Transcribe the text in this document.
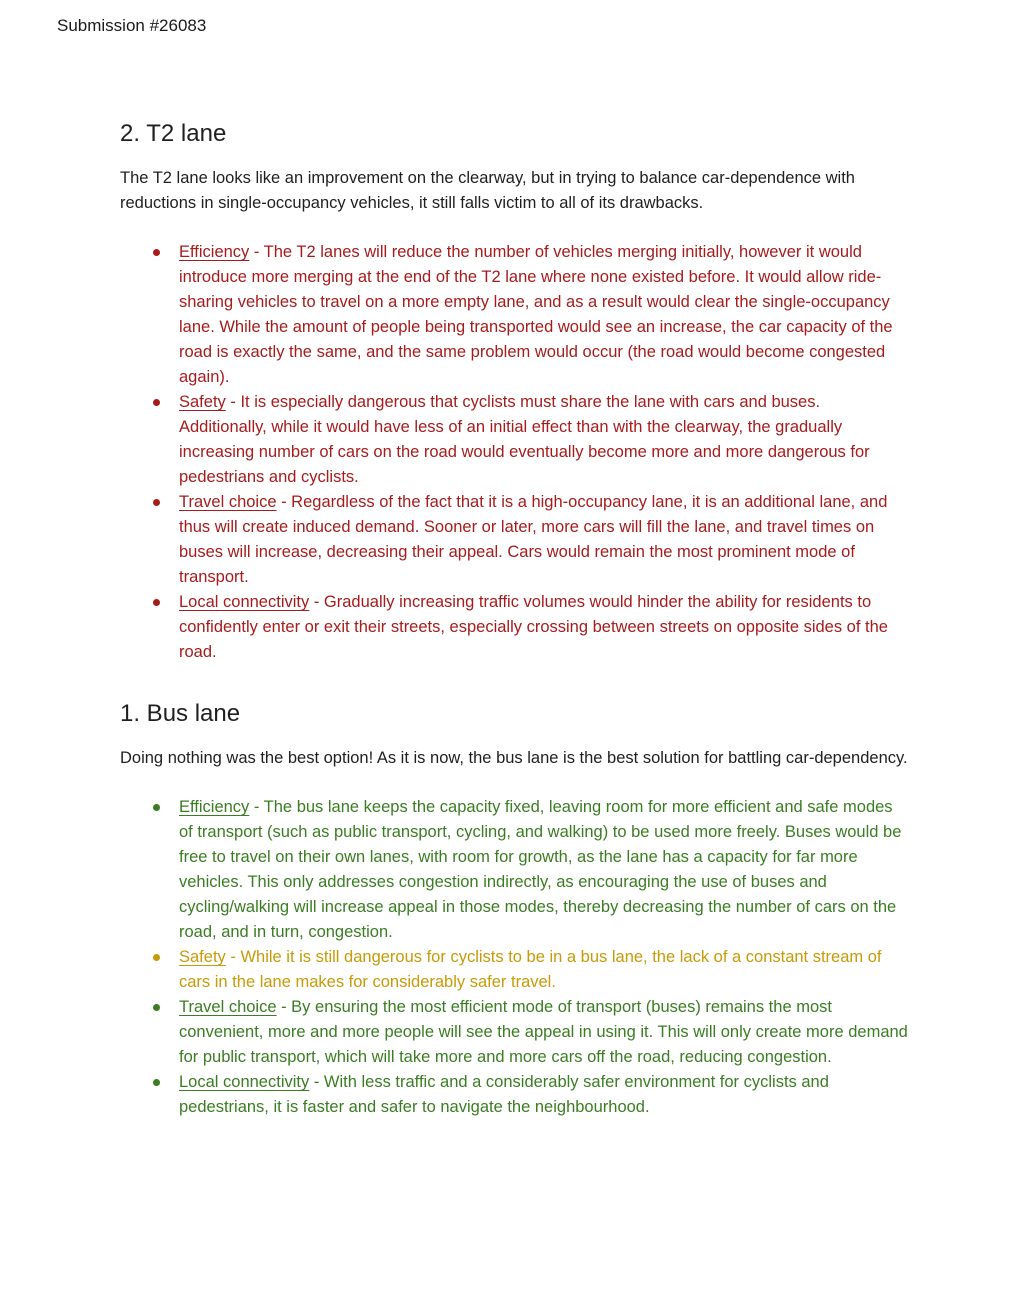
Submission #26083
2. T2 lane

The T2 lane looks like an improvement on the clearway, but in trying to balance car-dependence with reductions in single-occupancy vehicles, it still falls victim to all of its drawbacks.

Efficiency - The T2 lanes will reduce the number of vehicles merging initially, however it would introduce more merging at the end of the T2 lane where none existed before. It would allow ride-sharing vehicles to travel on a more empty lane, and as a result would clear the single-occupancy lane. While the amount of people being transported would see an increase, the car capacity of the road is exactly the same, and the same problem would occur (the road would become congested again).
Safety - It is especially dangerous that cyclists must share the lane with cars and buses. Additionally, while it would have less of an initial effect than with the clearway, the gradually increasing number of cars on the road would eventually become more and more dangerous for pedestrians and cyclists.
Travel choice - Regardless of the fact that it is a high-occupancy lane, it is an additional lane, and thus will create induced demand. Sooner or later, more cars will fill the lane, and travel times on buses will increase, decreasing their appeal. Cars would remain the most prominent mode of transport.
Local connectivity - Gradually increasing traffic volumes would hinder the ability for residents to confidently enter or exit their streets, especially crossing between streets on opposite sides of the road.
1. Bus lane

Doing nothing was the best option! As it is now, the bus lane is the best solution for battling car-dependency.

Efficiency - The bus lane keeps the capacity fixed, leaving room for more efficient and safe modes of transport (such as public transport, cycling, and walking) to be used more freely. Buses would be free to travel on their own lanes, with room for growth, as the lane has a capacity for far more vehicles. This only addresses congestion indirectly, as encouraging the use of buses and cycling/walking will increase appeal in those modes, thereby decreasing the number of cars on the road, and in turn, congestion.
Safety - While it is still dangerous for cyclists to be in a bus lane, the lack of a constant stream of cars in the lane makes for considerably safer travel.
Travel choice - By ensuring the most efficient mode of transport (buses) remains the most convenient, more and more people will see the appeal in using it. This will only create more demand for public transport, which will take more and more cars off the road, reducing congestion.
Local connectivity - With less traffic and a considerably safer environment for cyclists and pedestrians, it is faster and safer to navigate the neighbourhood.
